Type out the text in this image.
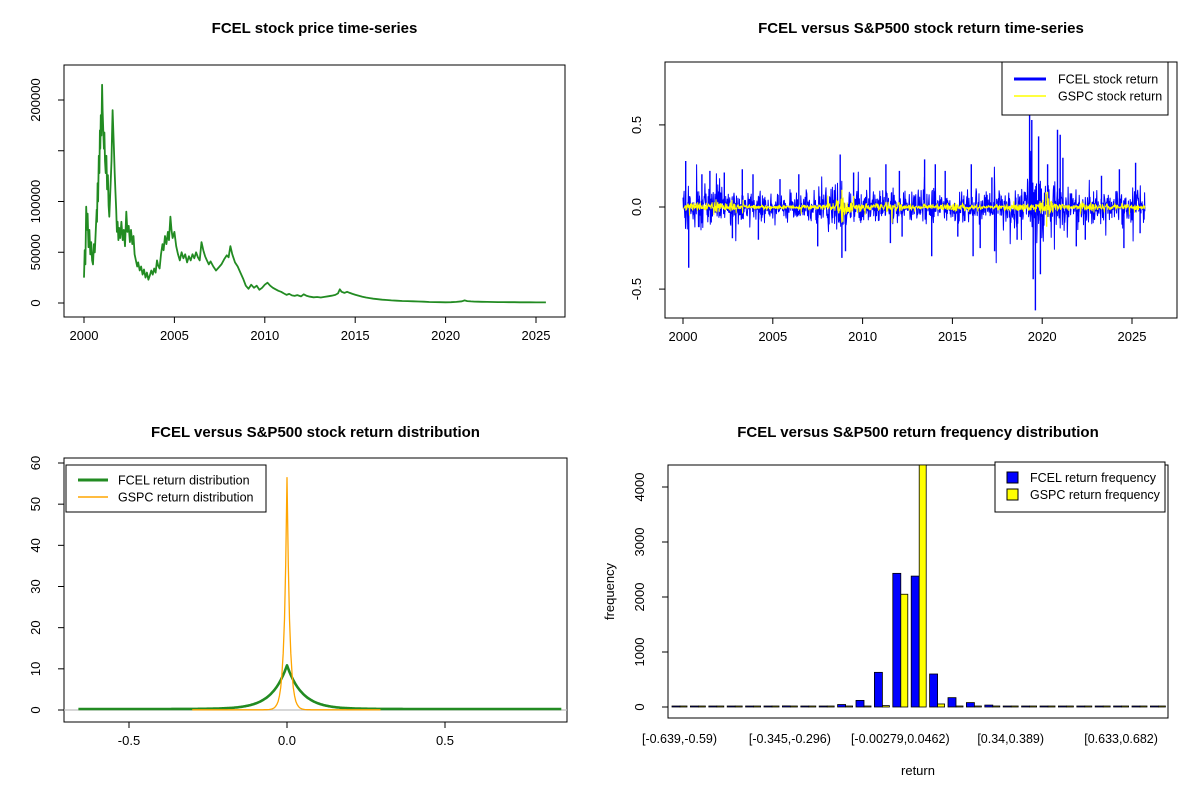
FCEL stock price time-series	FCEL versus S&P500 stock return time-series
FCEL versus S&P500 stock return distribution	FCEL versus S&P500 return frequency distribution
2000	2005	2010	2015	2020	2025
0
50000
100000
200000
2000	2005	2010	2015	2020	2025
-0.5
0.0
0.5
FCEL stock return
GSPC stock return
-0.5	0.0	0.5
0
10
20
30
40
50
60
FCEL return distribution
GSPC return distribution
0
1000
2000
3000
4000
[-0.639,-0.59)	[-0.345,-0.296) [-0.00279,0.0462) [0.34,0.389)	[0.633,0.682)
return
frequency
FCEL return frequency
GSPC return frequency
